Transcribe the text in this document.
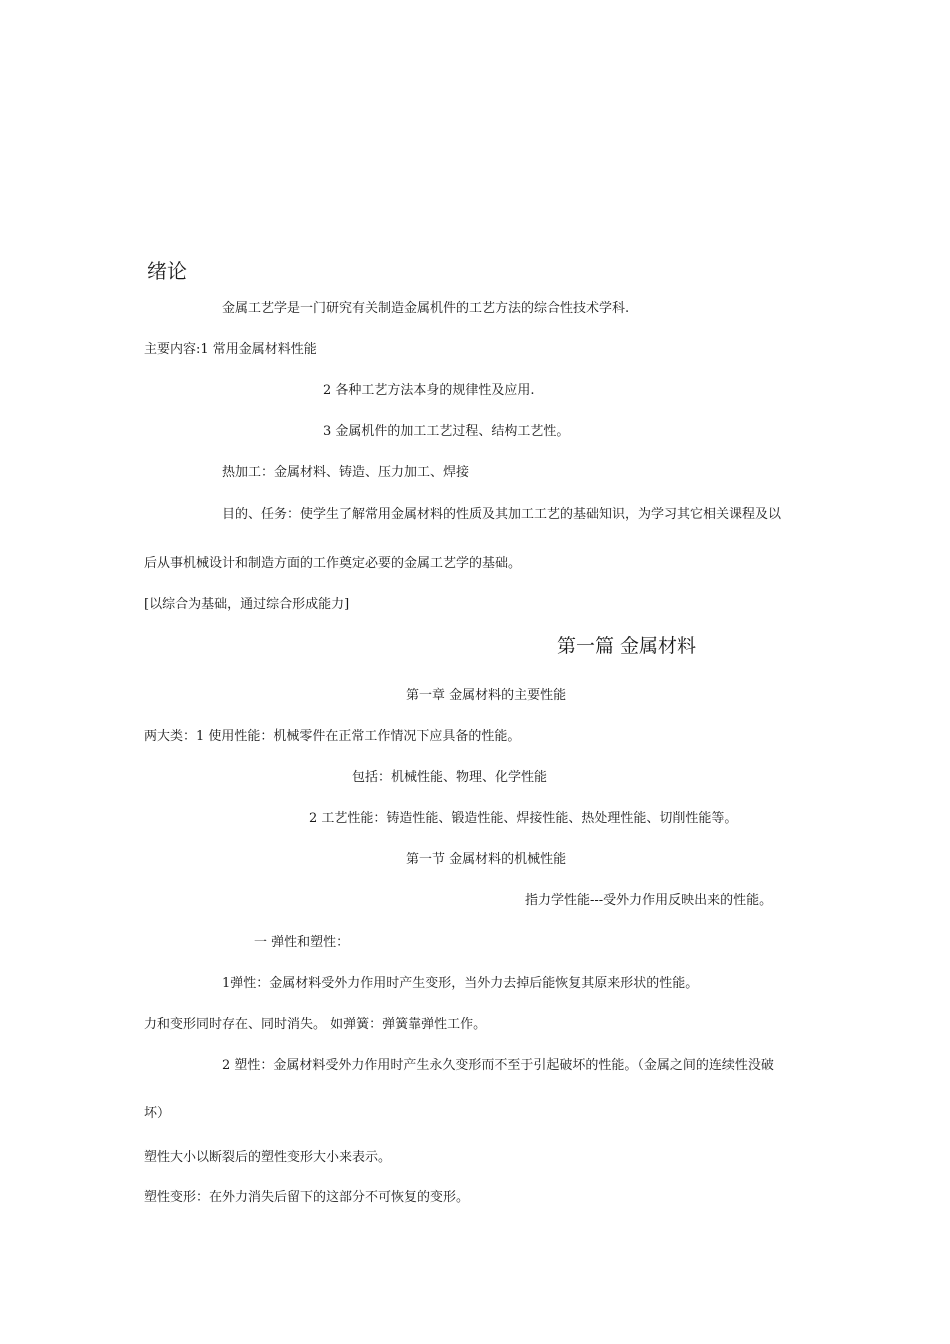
绪论
金属工艺学是一门研究有关制造金属机件的工艺方法的综合性技术学科.
主要内容:1 常用金属材料性能
2 各种工艺方法本身的规律性及应用.
3 金属机件的加工工艺过程、结构工艺性。
热加工：金属材料、铸造、压力加工、焊接
目的、任务：使学生了解常用金属材料的性质及其加工工艺的基础知识，为学习其它相关课程及以
后从事机械设计和制造方面的工作奠定必要的金属工艺学的基础。
[以综合为基础，通过综合形成能力]
第一篇 金属材料
第一章 金属材料的主要性能
两大类：1 使用性能：机械零件在正常工作情况下应具备的性能。
包括：机械性能、物理、化学性能
2 工艺性能：铸造性能、锻造性能、焊接性能、热处理性能、切削性能等。
第一节 金属材料的机械性能
指力学性能---受外力作用反映出来的性能。
一 弹性和塑性：
1弹性：金属材料受外力作用时产生变形，当外力去掉后能恢复其原来形状的性能。
力和变形同时存在、同时消失。 如弹簧：弹簧靠弹性工作。
2 塑性：金属材料受外力作用时产生永久变形而不至于引起破坏的性能。（金属之间的连续性没破
坏）
塑性大小以断裂后的塑性变形大小来表示。
塑性变形：在外力消失后留下的这部分不可恢复的变形。
